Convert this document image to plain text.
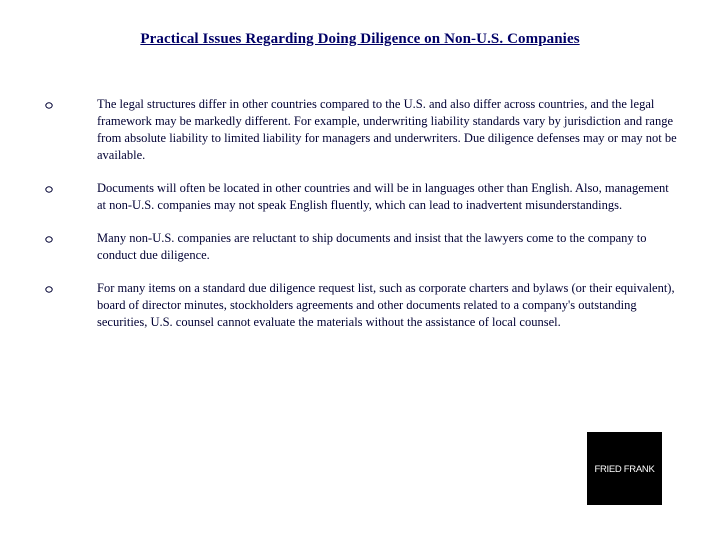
Practical Issues Regarding Doing Diligence on Non-U.S. Companies
The legal structures differ in other countries compared to the U.S. and also differ across countries, and the legal framework may be markedly different. For example, underwriting liability standards vary by jurisdiction and range from absolute liability to limited liability for managers and underwriters. Due diligence defenses may or may not be available.
Documents will often be located in other countries and will be in languages other than English. Also, management at non-U.S. companies may not speak English fluently, which can lead to inadvertent misunderstandings.
Many non-U.S. companies are reluctant to ship documents and insist that the lawyers come to the company to conduct due diligence.
For many items on a standard due diligence request list, such as corporate charters and bylaws (or their equivalent), board of director minutes, stockholders agreements and other documents related to a company's outstanding securities, U.S. counsel cannot evaluate the materials without the assistance of local counsel.
FRIED FRANK
